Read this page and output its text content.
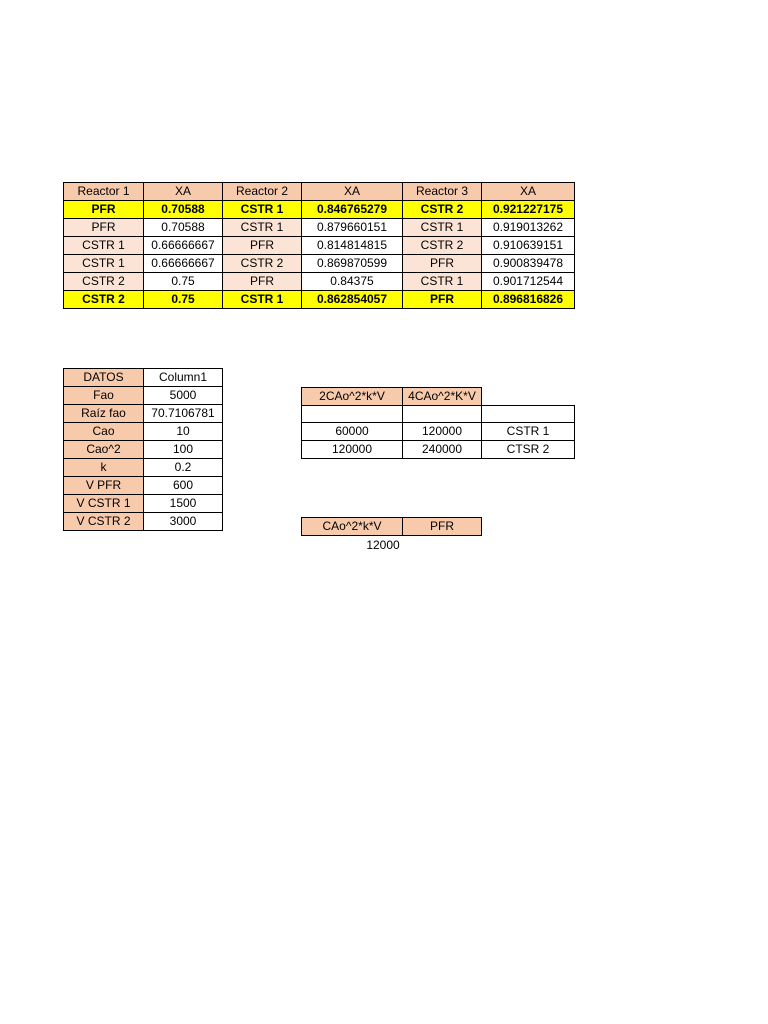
Reactor 1	XA	Reactor 2	XA	Reactor 3	XA
PFR	0.70588	CSTR 1	0.846765279	CSTR 2	0.921227175
PFR	0.70588	CSTR 1	0.879660151	CSTR 1	0.919013262
CSTR 1	0.66666667	PFR	0.814814815	CSTR 2	0.910639151
CSTR 1	0.66666667	CSTR 2	0.869870599	PFR	0.900839478
CSTR 2	0.75	PFR	0.84375	CSTR 1	0.901712544
CSTR 2	0.75	CSTR 1	0.862854057	PFR	0.896816826
DATOS	Column1
Fao	5000
Raíz fao	70.7106781
Cao	10
Cao^2	100
k	0.2
V PFR	600
V CSTR 1	1500
V CSTR 2	3000
2CAo^2*k*V	4CAo^2*K*V	

60000	120000	CSTR 1
120000	240000	CTSR 2
CAo^2*k*V	PFR
12000
